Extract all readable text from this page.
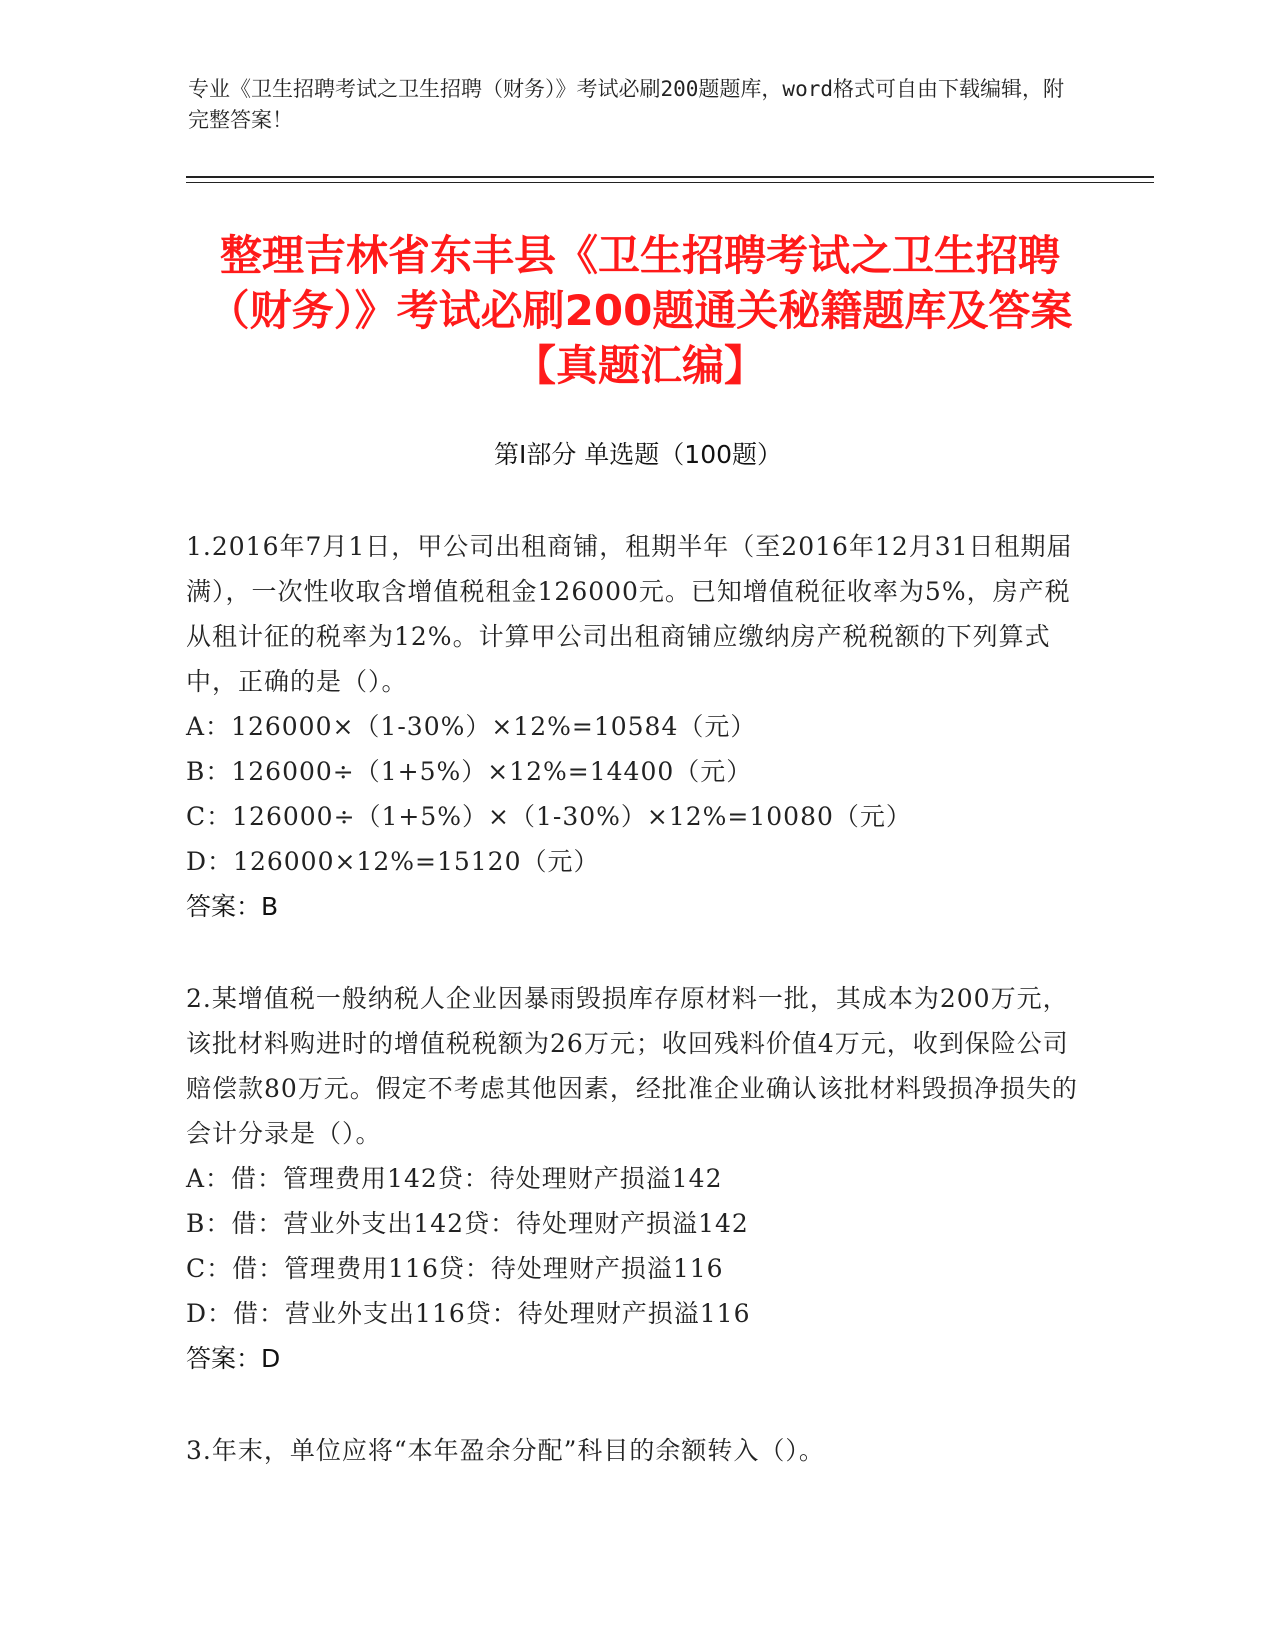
专业《卫生招聘考试之卫生招聘（财务）》考试必刷200题题库，word格式可自由下载编辑，附完整答案！
整理吉林省东丰县《卫生招聘考试之卫生招聘（财务）》考试必刷200题通关秘籍题库及答案【真题汇编】
第Ⅰ部分 单选题（100题）
1.2016年7月1日，甲公司出租商铺，租期半年（至2016年12月31日租期届满），一次性收取含增值税租金126000元。已知增值税征收率为5%，房产税从租计征的税率为12%。计算甲公司出租商铺应缴纳房产税税额的下列算式中，正确的是（）。
A：126000×（1-30%）×12%=10584（元）
B：126000÷（1+5%）×12%=14400（元）
C：126000÷（1+5%）×（1-30%）×12%=10080（元）
D：126000×12%=15120（元）
答案：B
2.某增值税一般纳税人企业因暴雨毁损库存原材料一批，其成本为200万元，该批材料购进时的增值税税额为26万元；收回残料价值4万元，收到保险公司赔偿款80万元。假定不考虑其他因素，经批准企业确认该批材料毁损净损失的会计分录是（）。
A：借：管理费用142贷：待处理财产损溢142
B：借：营业外支出142贷：待处理财产损溢142
C：借：管理费用116贷：待处理财产损溢116
D：借：营业外支出116贷：待处理财产损溢116
答案：D
3.年末，单位应将“本年盈余分配”科目的余额转入（）。
